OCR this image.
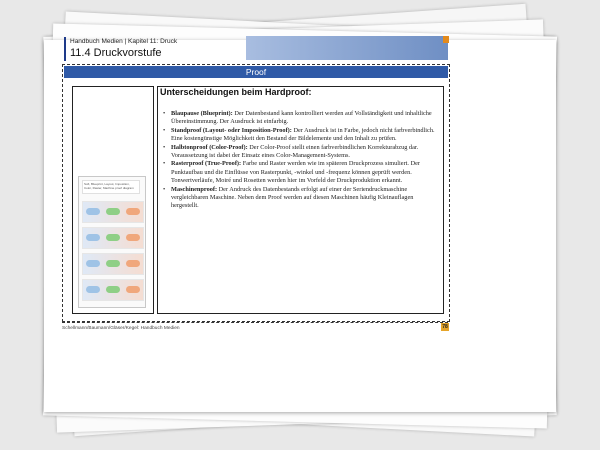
Handbuch Medien | Kapitel 11: Druck
11.4 Druckvorstufe
Proof
Soft, Blueprint, Layout, Imposition, Color, Raster, Machine proof diagram
Unterscheidungen beim Hardproof:
• Blaupause (Blueprint): Der Datenbestand kann kontrolliert werden auf Vollständigkeit und inhaltliche Übereinstimmung. Der Ausdruck ist einfarbig.
• Standproof (Layout- oder Imposition-Proof): Der Ausdruck ist in Farbe, jedoch nicht farbverbindlich. Eine kostengünstige Möglichkeit den Bestand der Bildelemente und den Inhalt zu prüfen.
• Halbtonproof (Color-Proof): Der Color-Proof stellt einen farbverbindlichen Korrekturabzug dar. Voraussetzung ist dabei der Einsatz eines Color-Management-Systems.
• Rasterproof (True-Proof): Farbe und Raster werden wie im späteren Druckprozess simuliert. Der Punktaufbau und die Einflüsse von Rasterpunkt, -winkel und -frequenz können geprüft werden. Tonwertverläufe, Moiré und Rosetten werden hier im Vorfeld der Druckproduktion erkannt.
• Maschinenproof: Der Andruck des Datenbestands erfolgt auf einer der Seriendruckmaschine vergleichbaren Maschine. Neben dem Proof werden auf diesen Maschinen häufig Kleinauflagen hergestellt.
Schellmann/Baumann/Gläser/Kegel: Handbuch Medien	78
